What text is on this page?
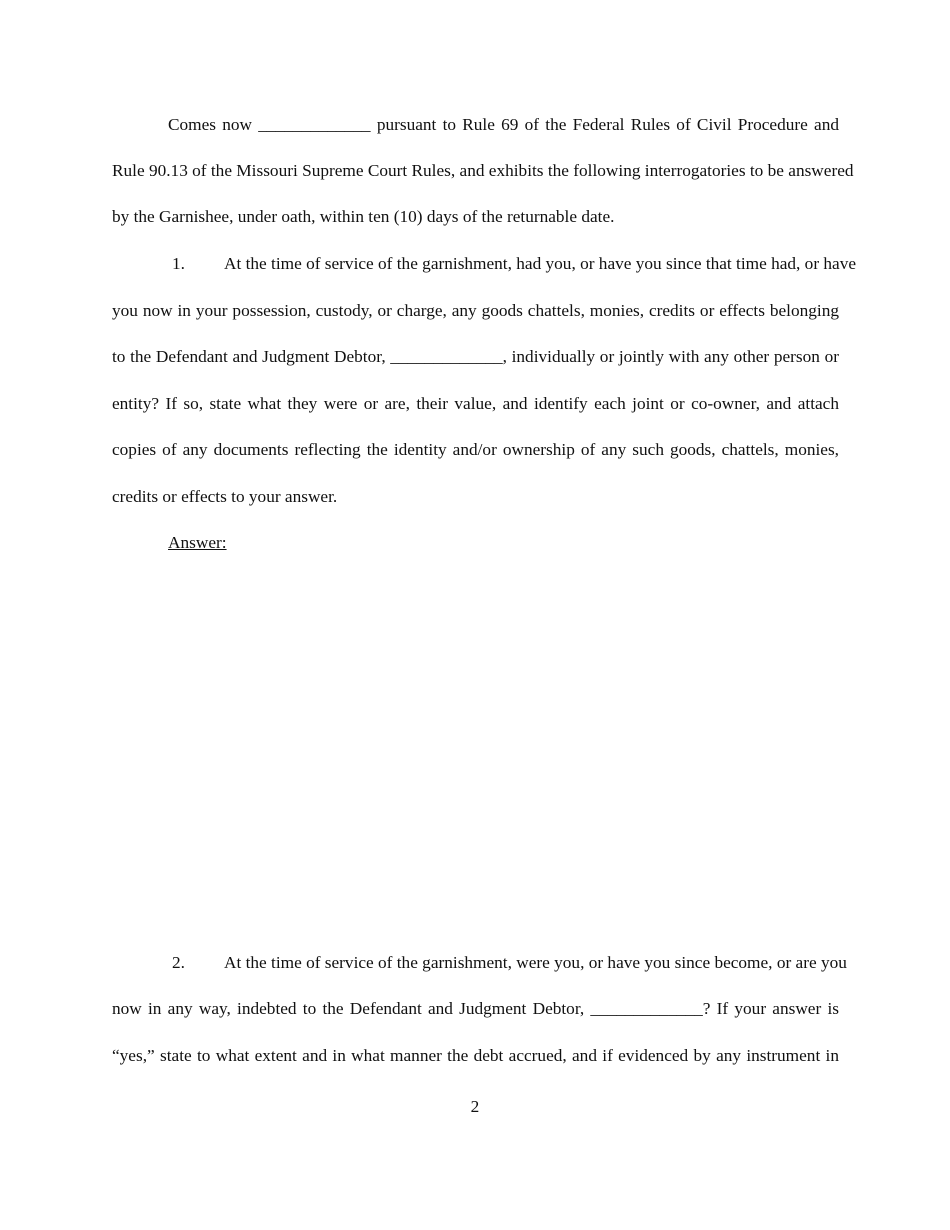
Comes now _____________ pursuant to Rule 69 of the Federal Rules of Civil Procedure and
Rule 90.13 of the Missouri Supreme Court Rules, and exhibits the following interrogatories to be answered
by the Garnishee, under oath, within ten (10) days of the returnable date.
1. At the time of service of the garnishment, had you, or have you since that time had, or have
you now in your possession, custody, or charge, any goods chattels, monies, credits or effects belonging
to the Defendant and Judgment Debtor, _____________, individually or jointly with any other person or
entity? If so, state what they were or are, their value, and identify each joint or co-owner, and attach
copies of any documents reflecting the identity and/or ownership of any such goods, chattels, monies,
credits or effects to your answer.
Answer:
2. At the time of service of the garnishment, were you, or have you since become, or are you
now in any way, indebted to the Defendant and Judgment Debtor, _____________? If your answer is
“yes,” state to what extent and in what manner the debt accrued, and if evidenced by any instrument in
2
